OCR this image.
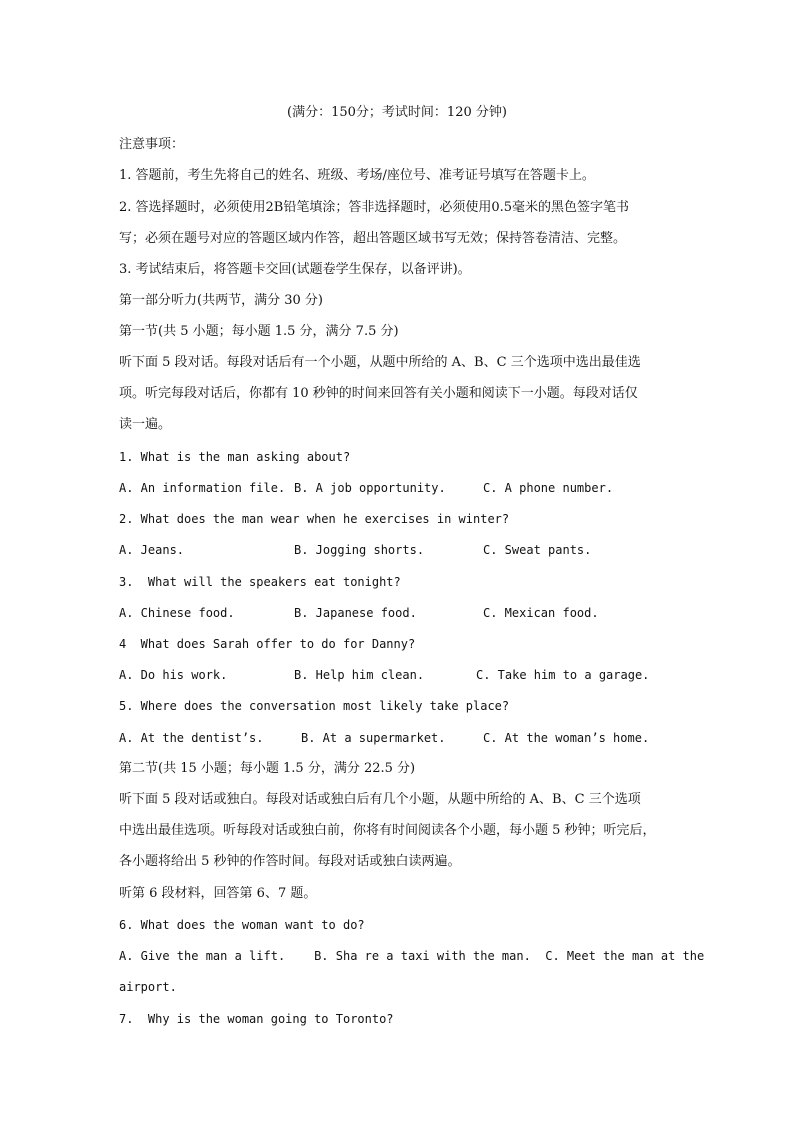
(满分：150分；考试时间：120 分钟)
注意事项：
1. 答题前，考生先将自己的姓名、班级、考场/座位号、准考证号填写在答题卡上。
2. 答选择题时，必须使用2B铅笔填涂；答非选择题时，必须使用0.5毫米的黑色签字笔书
写；必须在题号对应的答题区域内作答，超出答题区域书写无效；保持答卷清洁、完整。
3. 考试结束后，将答题卡交回(试题卷学生保存，以备评讲)。
第一部分听力(共两节，满分 30 分)
第一节(共 5 小题；每小题 1.5 分，满分 7.5 分)
听下面 5 段对话。每段对话后有一个小题，从题中所给的 A、B、C 三个选项中选出最佳选
项。听完每段对话后，你都有 10 秒钟的时间来回答有关小题和阅读下一小题。每段对话仅
读一遍。
1. What is the man asking about?
A. An information file. B. A job opportunity.	C. A phone number.
2. What does the man wear when he exercises in winter?
A. Jeans.	B. Jogging shorts.	C. Sweat pants.
3.  What will the speakers eat tonight?
A. Chinese food.	B. Japanese food.	C. Mexican food.
4  What does Sarah offer to do for Danny?
A. Do his work.	B. Help him clean.	C. Take him to a garage.
5. Where does the conversation most likely take place?
A. At the dentist’s.	B. At a supermarket.	C. At the woman’s home.
第二节(共 15 小题；每小题 1.5 分，满分 22.5 分)
听下面 5 段对话或独白。每段对话或独白后有几个小题，从题中所给的 A、B、C 三个选项
中选出最佳选项。听每段对话或独白前，你将有时间阅读各个小题，每小题 5 秒钟；听完后，
各小题将给出 5 秒钟的作答时间。每段对话或独白读两遍。
听第 6 段材料，回答第 6、7 题。
6. What does the woman want to do?
A. Give the man a lift.    B. Sha re a taxi with the man.  C. Meet the man at the
airport.
7.  Why is the woman going to Toronto?
